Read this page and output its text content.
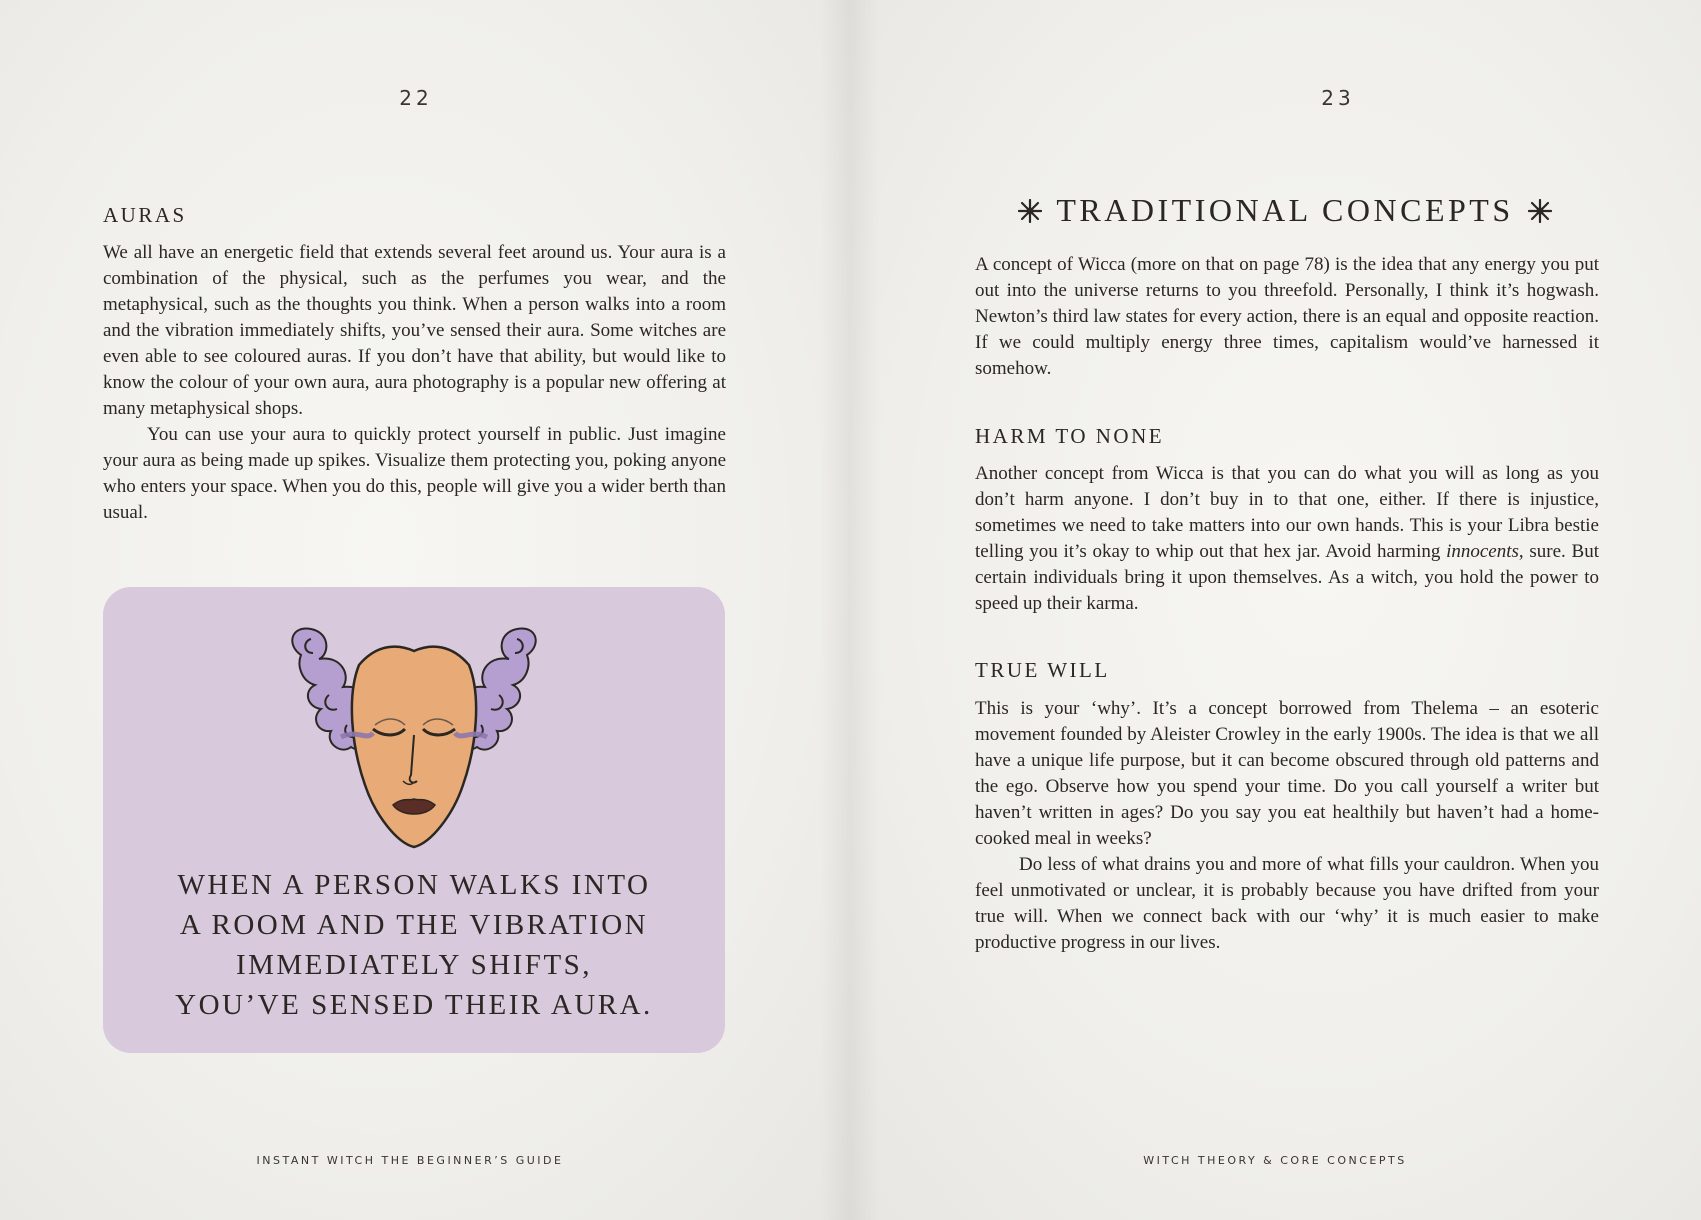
22
AURAS

We all have an energetic field that extends several feet around us. Your aura is a combination of the physical, such as the perfumes you wear, and the metaphysical, such as the thoughts you think. When a person walks into a room and the vibration immediately shifts, you’ve sensed their aura. Some witches are even able to see coloured auras. If you don’t have that ability, but would like to know the colour of your own aura, aura photography is a popular new offering at many metaphysical shops.

You can use your aura to quickly protect yourself in public. Just imagine your aura as being made up spikes. Visualize them protecting you, poking anyone who enters your space. When you do this, people will give you a wider berth than usual.

WHEN A PERSON WALKS INTO
A ROOM AND THE VIBRATION
IMMEDIATELY SHIFTS,
YOU’VE SENSED THEIR AURA.
INSTANT WITCH THE BEGINNER’S GUIDE
23
WITCH THEORY & CORE CONCEPTS
TRADITIONAL CONCEPTS

A concept of Wicca (more on that on page 78) is the idea that any energy you put out into the universe returns to you threefold. Personally, I think it’s hogwash. Newton’s third law states for every action, there is an equal and opposite reaction. If we could multiply energy three times, capitalism would’ve harnessed it somehow.

HARM TO NONE

Another concept from Wicca is that you can do what you will as long as you don’t harm anyone. I don’t buy in to that one, either. If there is injustice, sometimes we need to take matters into our own hands. This is your Libra bestie telling you it’s okay to whip out that hex jar. Avoid harming innocents, sure. But certain individuals bring it upon themselves. As a witch, you hold the power to speed up their karma.

TRUE WILL

This is your ‘why’. It’s a concept borrowed from Thelema – an esoteric movement founded by Aleister Crowley in the early 1900s. The idea is that we all have a unique life purpose, but it can become obscured through old patterns and the ego. Observe how you spend your time. Do you call yourself a writer but haven’t written in ages? Do you say you eat healthily but haven’t had a home-cooked meal in weeks?

Do less of what drains you and more of what fills your cauldron. When you feel unmotivated or unclear, it is probably because you have drifted from your true will. When we connect back with our ‘why’ it is much easier to make productive progress in our lives.
